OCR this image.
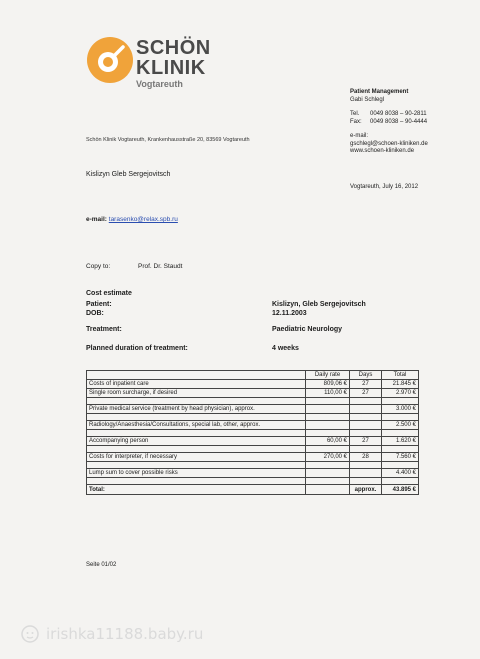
SCHÖN
KLINIK
Vogtareuth
Patient Management
Gabi Schlegl
Tel.	0049 8038 – 90-2811
Fax:	0049 8038 – 90-4444
e-mail:
gschlegl@schoen-kliniken.de
www.schoen-kliniken.de
Schön Klinik Vogtareuth, Krankenhausstraße 20, 83569 Vogtareuth
Kislizyn Gleb Sergejovitsch
Vogtareuth, July 16, 2012
e-mail: tarasenko@relax.spb.ru
Copy to:	Prof. Dr. Staudt
Cost estimate
Patient:	Kislizyn, Gleb Sergejovitsch
DOB:	12.11.2003
Treatment:	Paediatric Neurology
Planned duration of treatment:	4 weeks
	Daily rate	Days	Total
Costs of inpatient care	809,06 €	27	21.845 €
Single room surcharge, if desired	110,00 €	27	2.970 €

Private medical service (treatment by head physician), approx.			3.000 €

Radiology/Anaesthesia/Consultations, special lab, other, approx.			2.500 €

Accompanying person	60,00 €	27	1.620 €

Costs for interpreter, if necessary	270,00 €	28	7.560 €

Lump sum to cover possible risks			4.400 €

Total:		approx.	43.895 €
Seite 01/02
irishka11188.baby.ru
